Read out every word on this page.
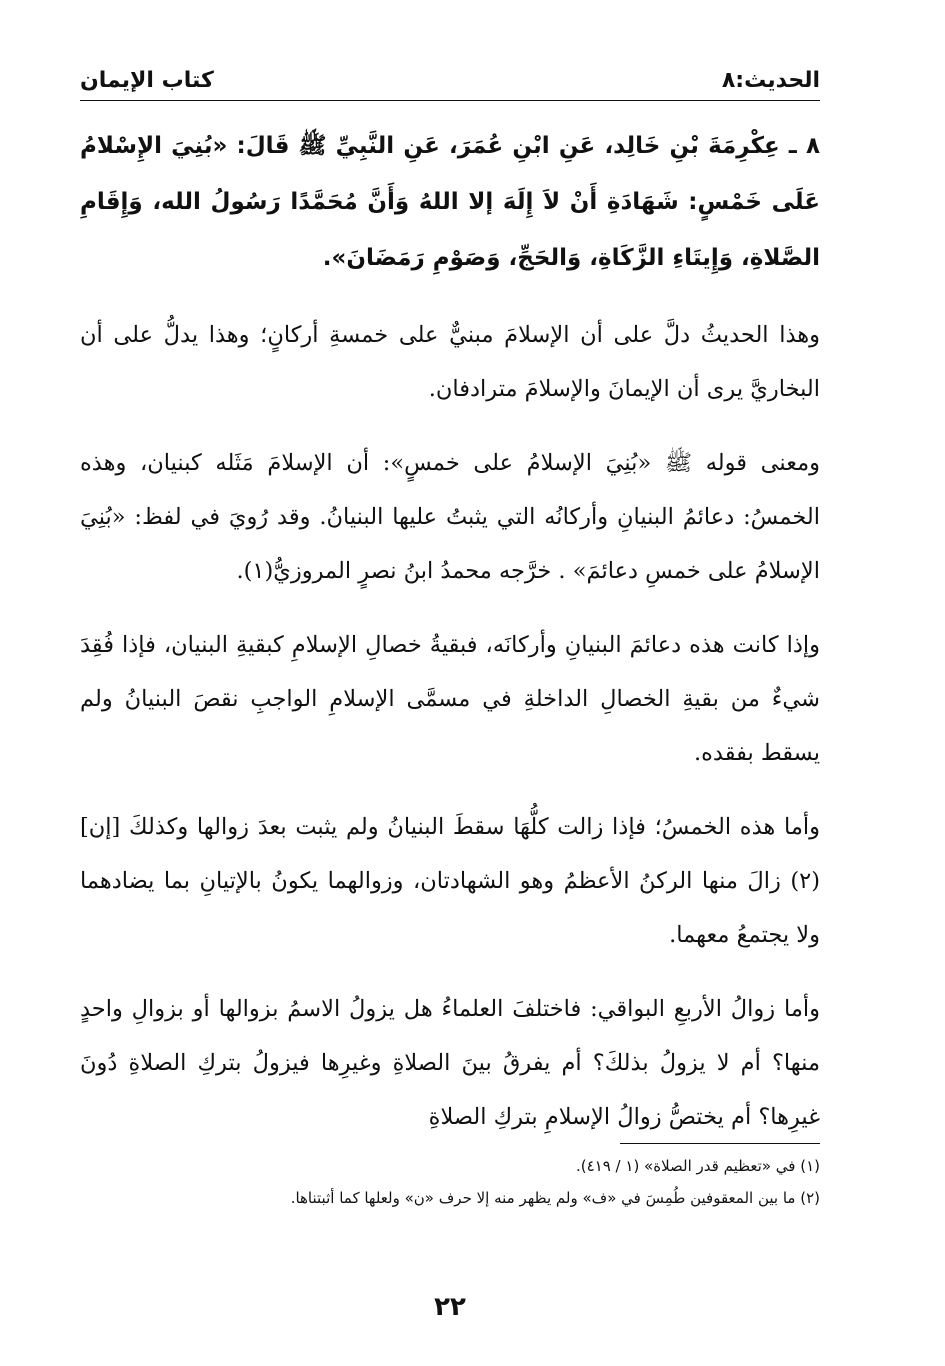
الحديث:٨
كتاب الإيمان

٨ ـ عِكْرِمَةَ بْنِ خَالِد، عَنِ ابْنِ عُمَرَ، عَنِ النَّبِيِّ ﷺ قَالَ: «بُنِيَ الإِسْلامُ عَلَى خَمْسٍ: شَهَادَةِ أَنْ لاَ إِلَهَ إلا اللهُ وَأَنَّ مُحَمَّدًا رَسُولُ الله، وَإِقَامِ الصَّلاةِ، وَإِيتَاءِ الزَّكَاةِ، وَالحَجِّ، وَصَوْمِ رَمَضَانَ».

وهذا الحديثُ دلَّ على أن الإسلامَ مبنيٌّ على خمسةِ أركانٍ؛ وهذا يدلُّ على أن البخاريَّ يرى أن الإيمانَ والإسلامَ مترادفان.

ومعنى قوله ﷺ «بُنِيَ الإسلامُ على خمسٍ»: أن الإسلامَ مَثَله كبنيان، وهذه الخمسُ: دعائمُ البنيانِ وأركانُه التي يثبتُ عليها البنيانُ. وقد رُويَ في لفظ: «بُنِيَ الإسلامُ على خمسِ دعائمَ» . خرَّجه محمدُ ابنُ نصرٍ المروزيُّ(١).

وإذا كانت هذه دعائمَ البنيانِ وأركانَه، فبقيةُ خصالِ الإسلامِ كبقيةِ البنيان، فإذا فُقِدَ شيءٌ من بقيةِ الخصالِ الداخلةِ في مسمَّى الإسلامِ الواجبِ نقصَ البنيانُ ولم يسقط بفقده.

وأما هذه الخمسُ؛ فإذا زالت كلُّهَا سقطَ البنيانُ ولم يثبت بعدَ زوالها وكذلكَ [إن](٢) زالَ منها الركنُ الأعظمُ وهو الشهادتان، وزوالهما يكونُ بالإتيانِ بما يضادهما ولا يجتمعُ معهما.

وأما زوالُ الأربعِ البواقي: فاختلفَ العلماءُ هل يزولُ الاسمُ بزوالها أو بزوالِ واحدٍ منها؟ أم لا يزولُ بذلكَ؟ أم يفرقُ بينَ الصلاةِ وغيرِها فيزولُ بتركِ الصلاةِ دُونَ غيرِها؟ أم يختصُّ زوالُ الإسلامِ بتركِ الصلاةِ

(١) في «تعظيم قدر الصلاة» (١ / ٤١٩).
(٢) ما بين المعقوفين طُمِسَ في «ف» ولم يظهر منه إلا حرف «ن» ولعلها كما أثبتناها.
٢٢
